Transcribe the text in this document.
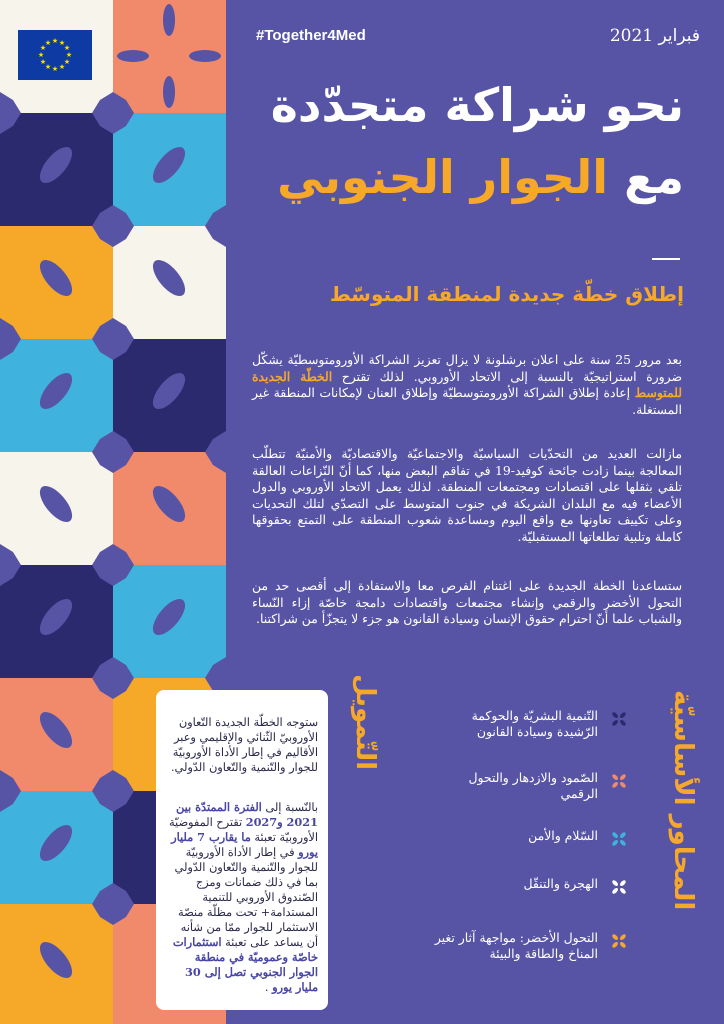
★ ★
★
★
★
★
★
★
★
★
★
★	#Together4Med	فبراير 2021
نحو شراكة متجدّدة
مع الجوار الجنوبي
إطلاق خطّة جديدة لمنطقة المتوسّط
بعد مرور 25 سنة على اعلان برشلونة لا يزال تعزيز الشراكة الأورومتوسطيّة يشكّل ضرورة استراتيجيّة بالنسبة إلى الاتحاد الأوروبي. لذلك تقترح الخطّة الجديدة للمتوسط إعادة إطلاق الشراكة الأورومتوسطيّة وإطلاق العنان لإمكانات المنطقة غير المستغلة.
مازالت العديد من التحدّيات السياسيّة والاجتماعيّة والاقتصاديّة والأمنيّة تتطلّب المعالجة بينما زادت جائحة كوفيد-19 في تفاقم البعض منها، كما أنّ النّزاعات العالقة تلقي بثقلها على اقتصادات ومجتمعات المنطقة. لذلك يعمل الاتحاد الأوروبي والدول الأعضاء فيه مع البلدان الشريكة في جنوب المتوسط على التصدّي لتلك التحديات وعلى تكييف تعاونها مع واقع اليوم ومساعدة شعوب المنطقة على التمتع بحقوقها كاملة وتلبية تطلعاتها المستقبليّة.
ستساعدنا الخطة الجديدة على اغتنام الفرص معا والاستفادة إلى أقصى حد من التحول الأخضر والرقمي وإنشاء مجتمعات واقتصادات دامجة خاصّة إزاء النّساء والشباب علما أنّ احترام حقوق الإنسان وسيادة القانون هو جزء لا يتجزّأ من شراكتنا.
ستوجه الخطّة الجديدة التّعاون الأوروبيّ الثّنائي والإقليمي وعبر الأقاليم في إطار الأداة الأوروبيّة للجوار والتّنمية والتّعاون الدّولي.
بالنّسبة إلى الفترة الممتدّة بين 2021 و2027 تقترح المفوضيّة الأوروبيّة تعبئة ما يقارب 7 مليار يورو في إطار الأداة الأوروبيّة للجوار والتّنمية والتّعاون الدّولي بما في ذلك ضمانات ومزج الصّندوق الأوروبي للتنمية المستدامة+ تحت مظلّة منصّة الاستثمار للجوار ممّا من شأنه أن يساعد على تعبئة استثمارات خاصّة وعموميّة في منطقة الجوار الجنوبي تصل إلى 30 مليار يورو .
التّمويل	المحاور الأساسيّة
التّنمية البشريّة والحوكمة الرّشيدة وسيادة القانون
الصّمود والازدهار والتحول الرقمي
السّلام والأمن
الهجرة والتنقّل
التحول الأخضر: مواجهة آثار تغير المناخ والطاقة والبيئة
